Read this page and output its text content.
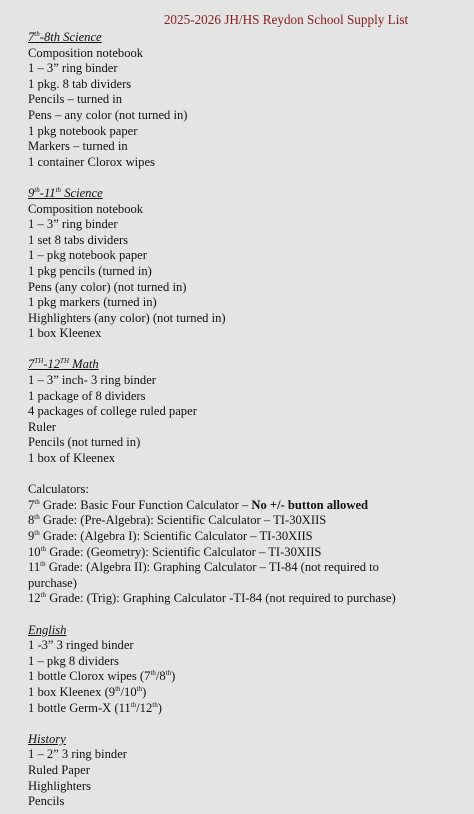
2025-2026 JH/HS Reydon School Supply List
7th-8th Science
Composition notebook
1 – 3” ring binder
1 pkg. 8 tab dividers
Pencils – turned in
Pens – any color (not turned in)
1 pkg notebook paper
Markers – turned in
1 container Clorox wipes
9th-11th Science
Composition notebook
1 – 3” ring binder
1 set 8 tabs dividers
1 – pkg notebook paper
1 pkg pencils (turned in)
Pens (any color) (not turned in)
1 pkg markers (turned in)
Highlighters (any color) (not turned in)
1 box Kleenex
7TH-12TH Math
1 – 3” inch- 3 ring binder
1 package of 8 dividers
4 packages of college ruled paper
Ruler
Pencils (not turned in)
1 box of Kleenex
Calculators:
7th Grade: Basic Four Function Calculator – No +/- button allowed
8th Grade: (Pre-Algebra): Scientific Calculator – TI-30XIIS
9th Grade: (Algebra I): Scientific Calculator – TI-30XIIS
10th Grade: (Geometry): Scientific Calculator – TI-30XIIS
11th Grade: (Algebra II): Graphing Calculator – TI-84 (not required to
purchase)
12th Grade: (Trig): Graphing Calculator -TI-84 (not required to purchase)
English
1 -3” 3 ringed binder
1 – pkg 8 dividers
1 bottle Clorox wipes (7th/8th)
1 box Kleenex (9th/10th)
1 bottle Germ-X (11th/12th)
History
1 – 2” 3 ring binder
Ruled Paper
Highlighters
Pencils
